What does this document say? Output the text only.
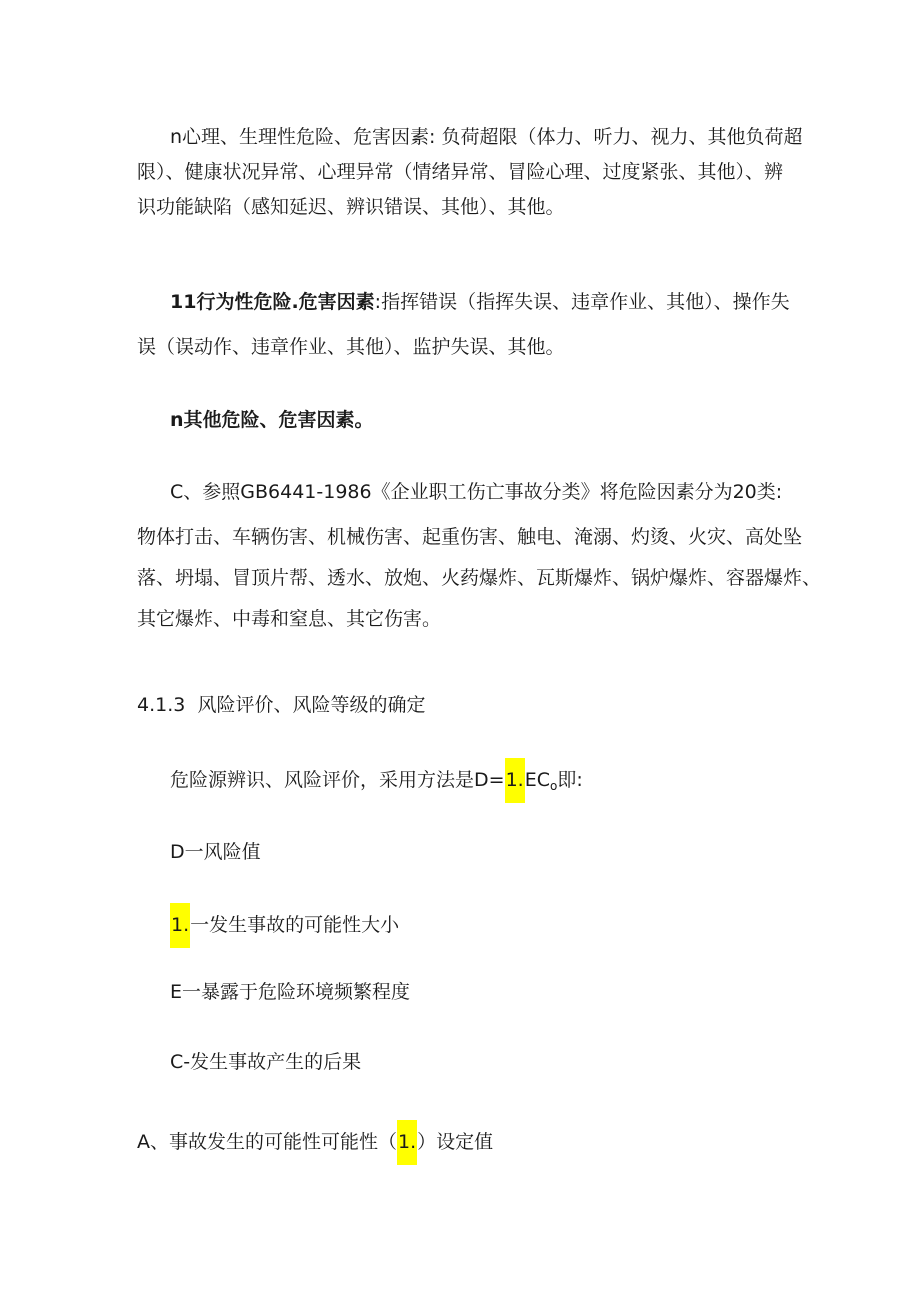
n心理、生理性危险、危害因素: 负荷超限（体力、听力、视力、其他负荷超
限）、健康状况异常、心理异常（情绪异常、冒险心理、过度紧张、其他）、辨
识功能缺陷（感知延迟、辨识错误、其他）、其他。
11行为性危险.危害因素:指挥错误（指挥失误、违章作业、其他）、操作失
误（误动作、违章作业、其他）、监护失误、其他。
n其他危险、危害因素。
C、参照GB6441-1986《企业职工伤亡事故分类》将危险因素分为20类:
物体打击、车辆伤害、机械伤害、起重伤害、触电、淹溺、灼烫、火灾、高处坠
落、坍塌、冒顶片帮、透水、放炮、火药爆炸、瓦斯爆炸、锅炉爆炸、容器爆炸、
其它爆炸、中毒和窒息、其它伤害。
4.1.3 风险评价、风险等级的确定
危险源辨识、风险评价，采用方法是$D=1.EC_o$即:
D一风险值
1.一发生事故的可能性大小
E一暴露于危险环境频繁程度
C-发生事故产生的后果
A、事故发生的可能性可能性（1.）设定值
